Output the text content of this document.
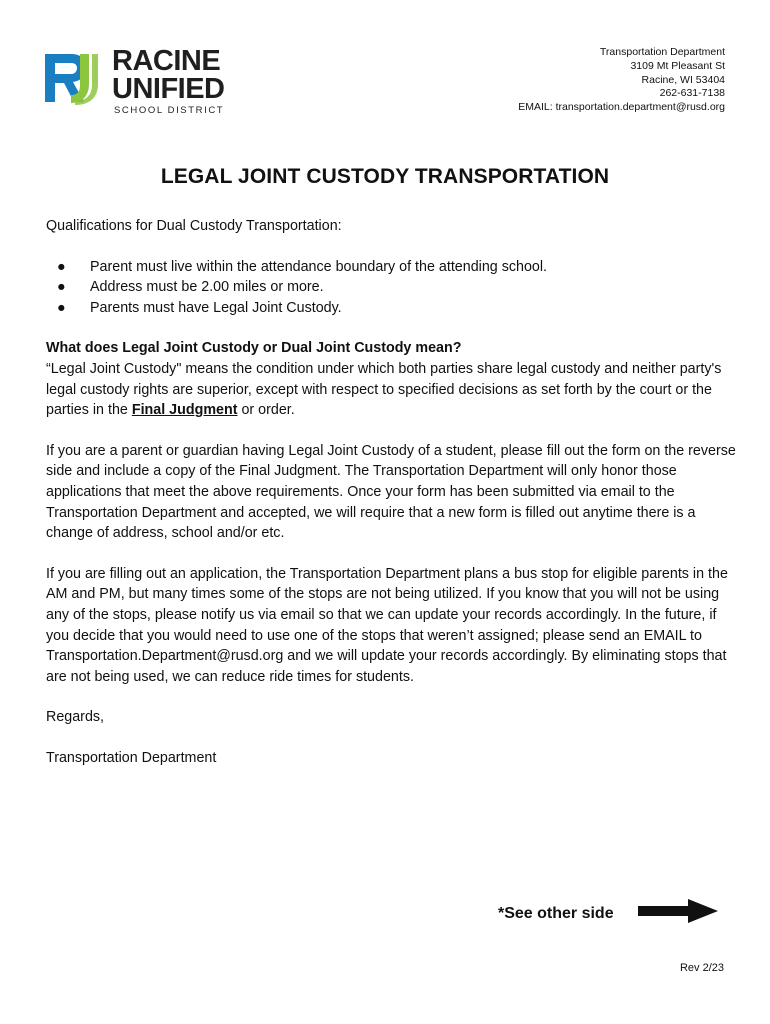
RACINE
UNIFIED
SCHOOL DISTRICT
Transportation Department
3109 Mt Pleasant St
Racine, WI 53404
262-631-7138
EMAIL: transportation.department@rusd.org
LEGAL JOINT CUSTODY TRANSPORTATION

Qualifications for Dual Custody Transportation:

● Parent must live within the attendance boundary of the attending school.
● Address must be 2.00 miles or more.
● Parents must have Legal Joint Custody.

What does Legal Joint Custody or Dual Joint Custody mean?

“Legal Joint Custody" means the condition under which both parties share legal custody and neither party's legal custody rights are superior, except with respect to specified decisions as set forth by the court or the parties in the Final Judgment or order.

If you are a parent or guardian having Legal Joint Custody of a student, please fill out the form on the reverse side and include a copy of the Final Judgment. The Transportation Department will only honor those applications that meet the above requirements. Once your form has been submitted via email to the Transportation Department and accepted, we will require that a new form is filled out anytime there is a change of address, school and/or etc.

If you are filling out an application, the Transportation Department plans a bus stop for eligible parents in the AM and PM, but many times some of the stops are not being utilized. If you know that you will not be using any of the stops, please notify us via email so that we can update your records accordingly. In the future, if you decide that you would need to use one of the stops that weren’t assigned; please send an EMAIL to Transportation.Department@rusd.org and we will update your records accordingly. By eliminating stops that are not being used, we can reduce ride times for students.

Regards,

Transportation Department

*See other side
Rev 2/23
